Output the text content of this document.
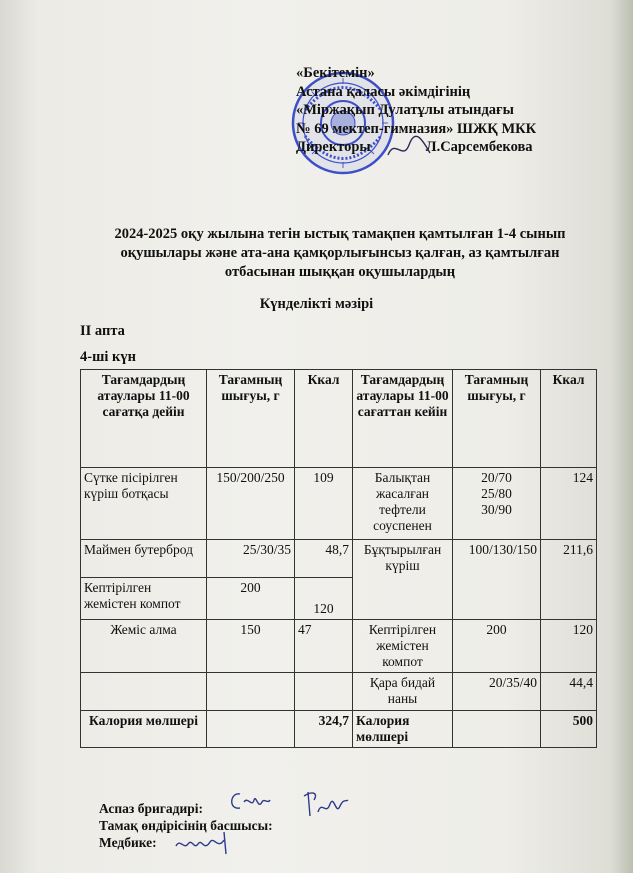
«Бекітемін»
Астана қаласы әкімдігінің
«Міржақып Дулатұлы атындағы
№ 69 мектеп-гимназия» ШЖҚ МКК
Директоры	Л.Сарсембекова
2024-2025 оқу жылына тегін ыстық тамақпен қамтылған 1-4 сынып
оқушылары және ата-ана қамқорлығынсыз қалған, аз қамтылған
отбасынан шыққан оқушылардың
Күнделікті мәзірі
II апта
4-ші күн
Тағамдардың атаулары 11-00 сағатқа дейін	Тағамның шығуы, г	Ккал	Тағамдардың атаулары 11-00 сағаттан кейін	Тағамның шығуы, г	Ккал
Сүтке пісірілген күріш ботқасы	150/200/250	109	Балықтан жасалған тефтели соуспенен	20/70 25/80 30/90	124
Маймен бутерброд	25/30/35	48,7	Бұқтырылған күріш	100/130/150	211,6
Кептірілген жемістен компот	200	120			
Жеміс алма	150	47	Кептірілген жемістен компот	200	120
			Қара бидай наны	20/35/40	44,4
Калория мөлшері		324,7	Калория мөлшері		500
Аспаз бригадирі:
Тамақ өндірісінің басшысы:
Медбике:
